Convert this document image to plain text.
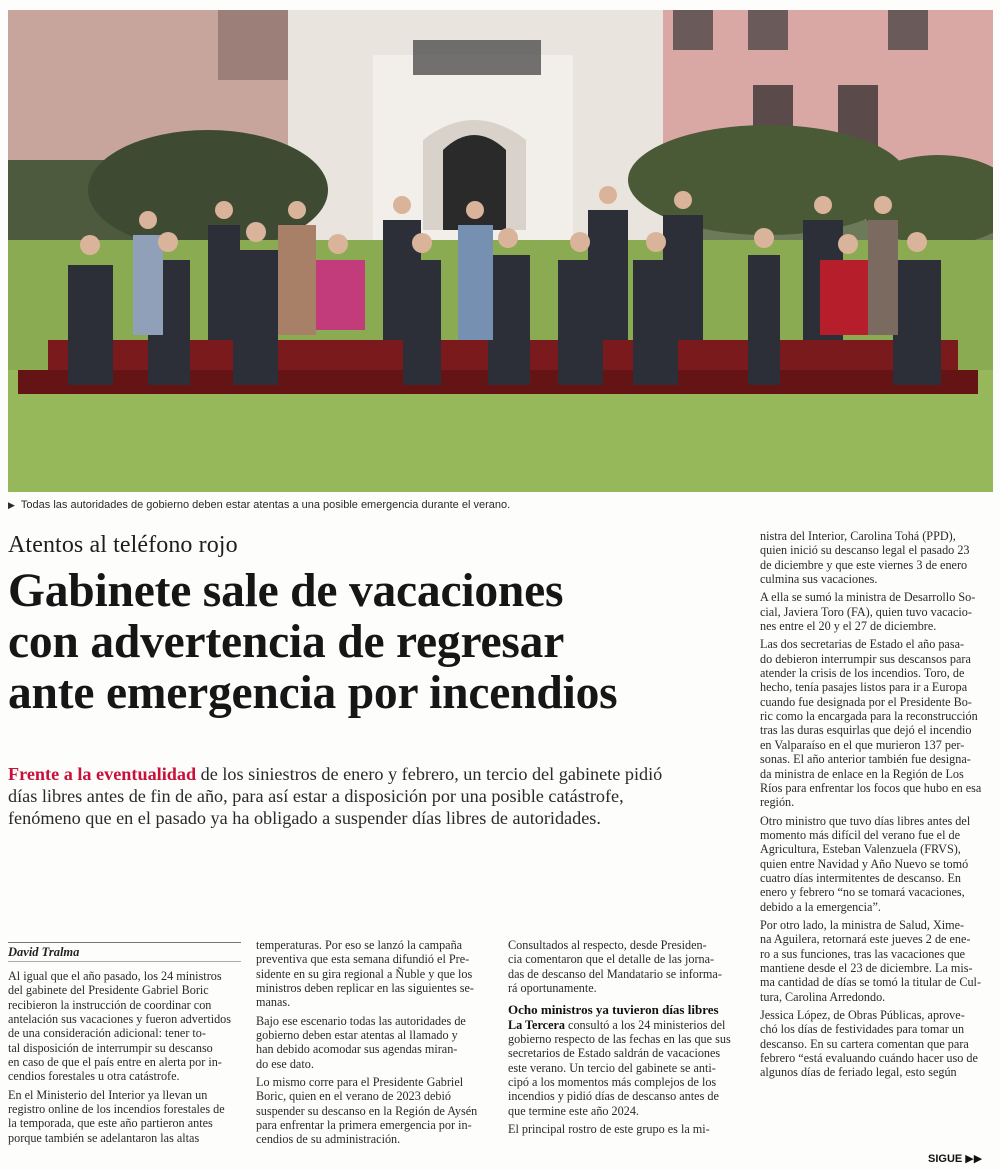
▶ Todas las autoridades de gobierno deben estar atentas a una posible emergencia durante el verano.
Atentos al teléfono rojo
Gabinete sale de vacaciones
con advertencia de regresar
ante emergencia por incendios
Frente a la eventualidad de los siniestros de enero y febrero, un tercio del gabinete pidió
días libres antes de fin de año, para así estar a disposición por una posible catástrofe,
fenómeno que en el pasado ya ha obligado a suspender días libres de autoridades.
David Tralma
Al igual que el año pasado, los 24 ministros
del gabinete del Presidente Gabriel Boric
recibieron la instrucción de coordinar con
antelación sus vacaciones y fueron advertidos
de una consideración adicional: tener to-
tal disposición de interrumpir su descanso
en caso de que el país entre en alerta por in-
cendios forestales u otra catástrofe.
En el Ministerio del Interior ya llevan un
registro online de los incendios forestales de
la temporada, que este año partieron antes
porque también se adelantaron las altas
temperaturas. Por eso se lanzó la campaña
preventiva que esta semana difundió el Pre-
sidente en su gira regional a Ñuble y que los
ministros deben replicar en las siguientes se-
manas.
Bajo ese escenario todas las autoridades de
gobierno deben estar atentas al llamado y
han debido acomodar sus agendas miran-
do ese dato.
Lo mismo corre para el Presidente Gabriel
Boric, quien en el verano de 2023 debió
suspender su descanso en la Región de Aysén
para enfrentar la primera emergencia por in-
cendios de su administración.
Consultados al respecto, desde Presiden-
cia comentaron que el detalle de las jorna-
das de descanso del Mandatario se informa-
rá oportunamente.
Ocho ministros ya tuvieron días libres
La Tercera consultó a los 24 ministerios del
gobierno respecto de las fechas en las que sus
secretarios de Estado saldrán de vacaciones
este verano. Un tercio del gabinete se anti-
cipó a los momentos más complejos de los
incendios y pidió días de descanso antes de
que termine este año 2024.
El principal rostro de este grupo es la mi-
nistra del Interior, Carolina Tohá (PPD),
quien inició su descanso legal el pasado 23
de diciembre y que este viernes 3 de enero
culmina sus vacaciones.
A ella se sumó la ministra de Desarrollo So-
cial, Javiera Toro (FA), quien tuvo vacacio-
nes entre el 20 y el 27 de diciembre.
Las dos secretarias de Estado el año pasa-
do debieron interrumpir sus descansos para
atender la crisis de los incendios. Toro, de
hecho, tenía pasajes listos para ir a Europa
cuando fue designada por el Presidente Bo-
ric como la encargada para la reconstrucción
tras las duras esquirlas que dejó el incendio
en Valparaíso en el que murieron 137 per-
sonas. El año anterior también fue designa-
da ministra de enlace en la Región de Los
Ríos para enfrentar los focos que hubo en esa
región.
Otro ministro que tuvo días libres antes del
momento más difícil del verano fue el de
Agricultura, Esteban Valenzuela (FRVS),
quien entre Navidad y Año Nuevo se tomó
cuatro días intermitentes de descanso. En
enero y febrero “no se tomará vacaciones,
debido a la emergencia”.
Por otro lado, la ministra de Salud, Xime-
na Aguilera, retornará este jueves 2 de ene-
ro a sus funciones, tras las vacaciones que
mantiene desde el 23 de diciembre. La mis-
ma cantidad de días se tomó la titular de Cul-
tura, Carolina Arredondo.
Jessica López, de Obras Públicas, aprove-
chó los días de festividades para tomar un
descanso. En su cartera comentan que para
febrero “está evaluando cuándo hacer uso de
algunos días de feriado legal, esto según
SIGUE ▶▶
